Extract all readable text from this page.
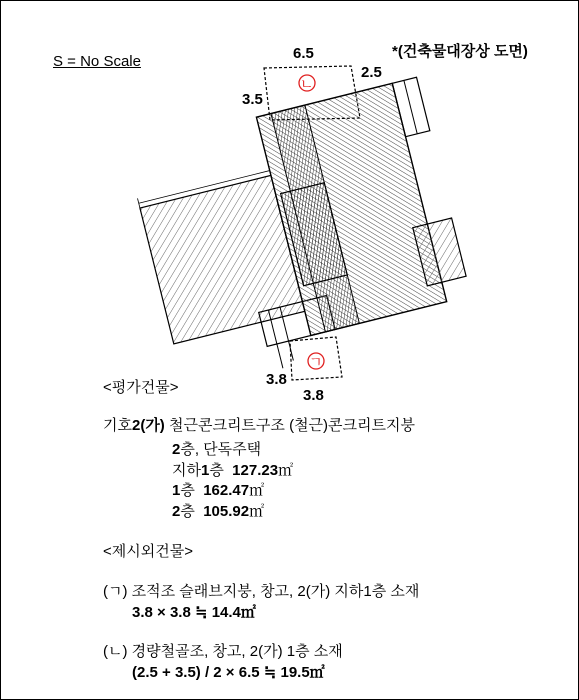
S = No Scale
*(건축물대장상 도면)
ㄴ
ㄱ
6.5
2.5
3.5
3.8
3.8
<평가건물>
기호2(가) 철근콘크리트구조 (철근)콘크리트지붕
2층, 단독주택
지하1층 127.23㎡
1층 162.47㎡
2층 105.92㎡
<제시외건물>
(ㄱ) 조적조 슬래브지붕, 창고, 2(가) 지하1층 소재
3.8 × 3.8 ≒ 14.4㎡
(ㄴ) 경량철골조, 창고, 2(가) 1층 소재
(2.5 + 3.5) / 2 × 6.5 ≒ 19.5㎡
